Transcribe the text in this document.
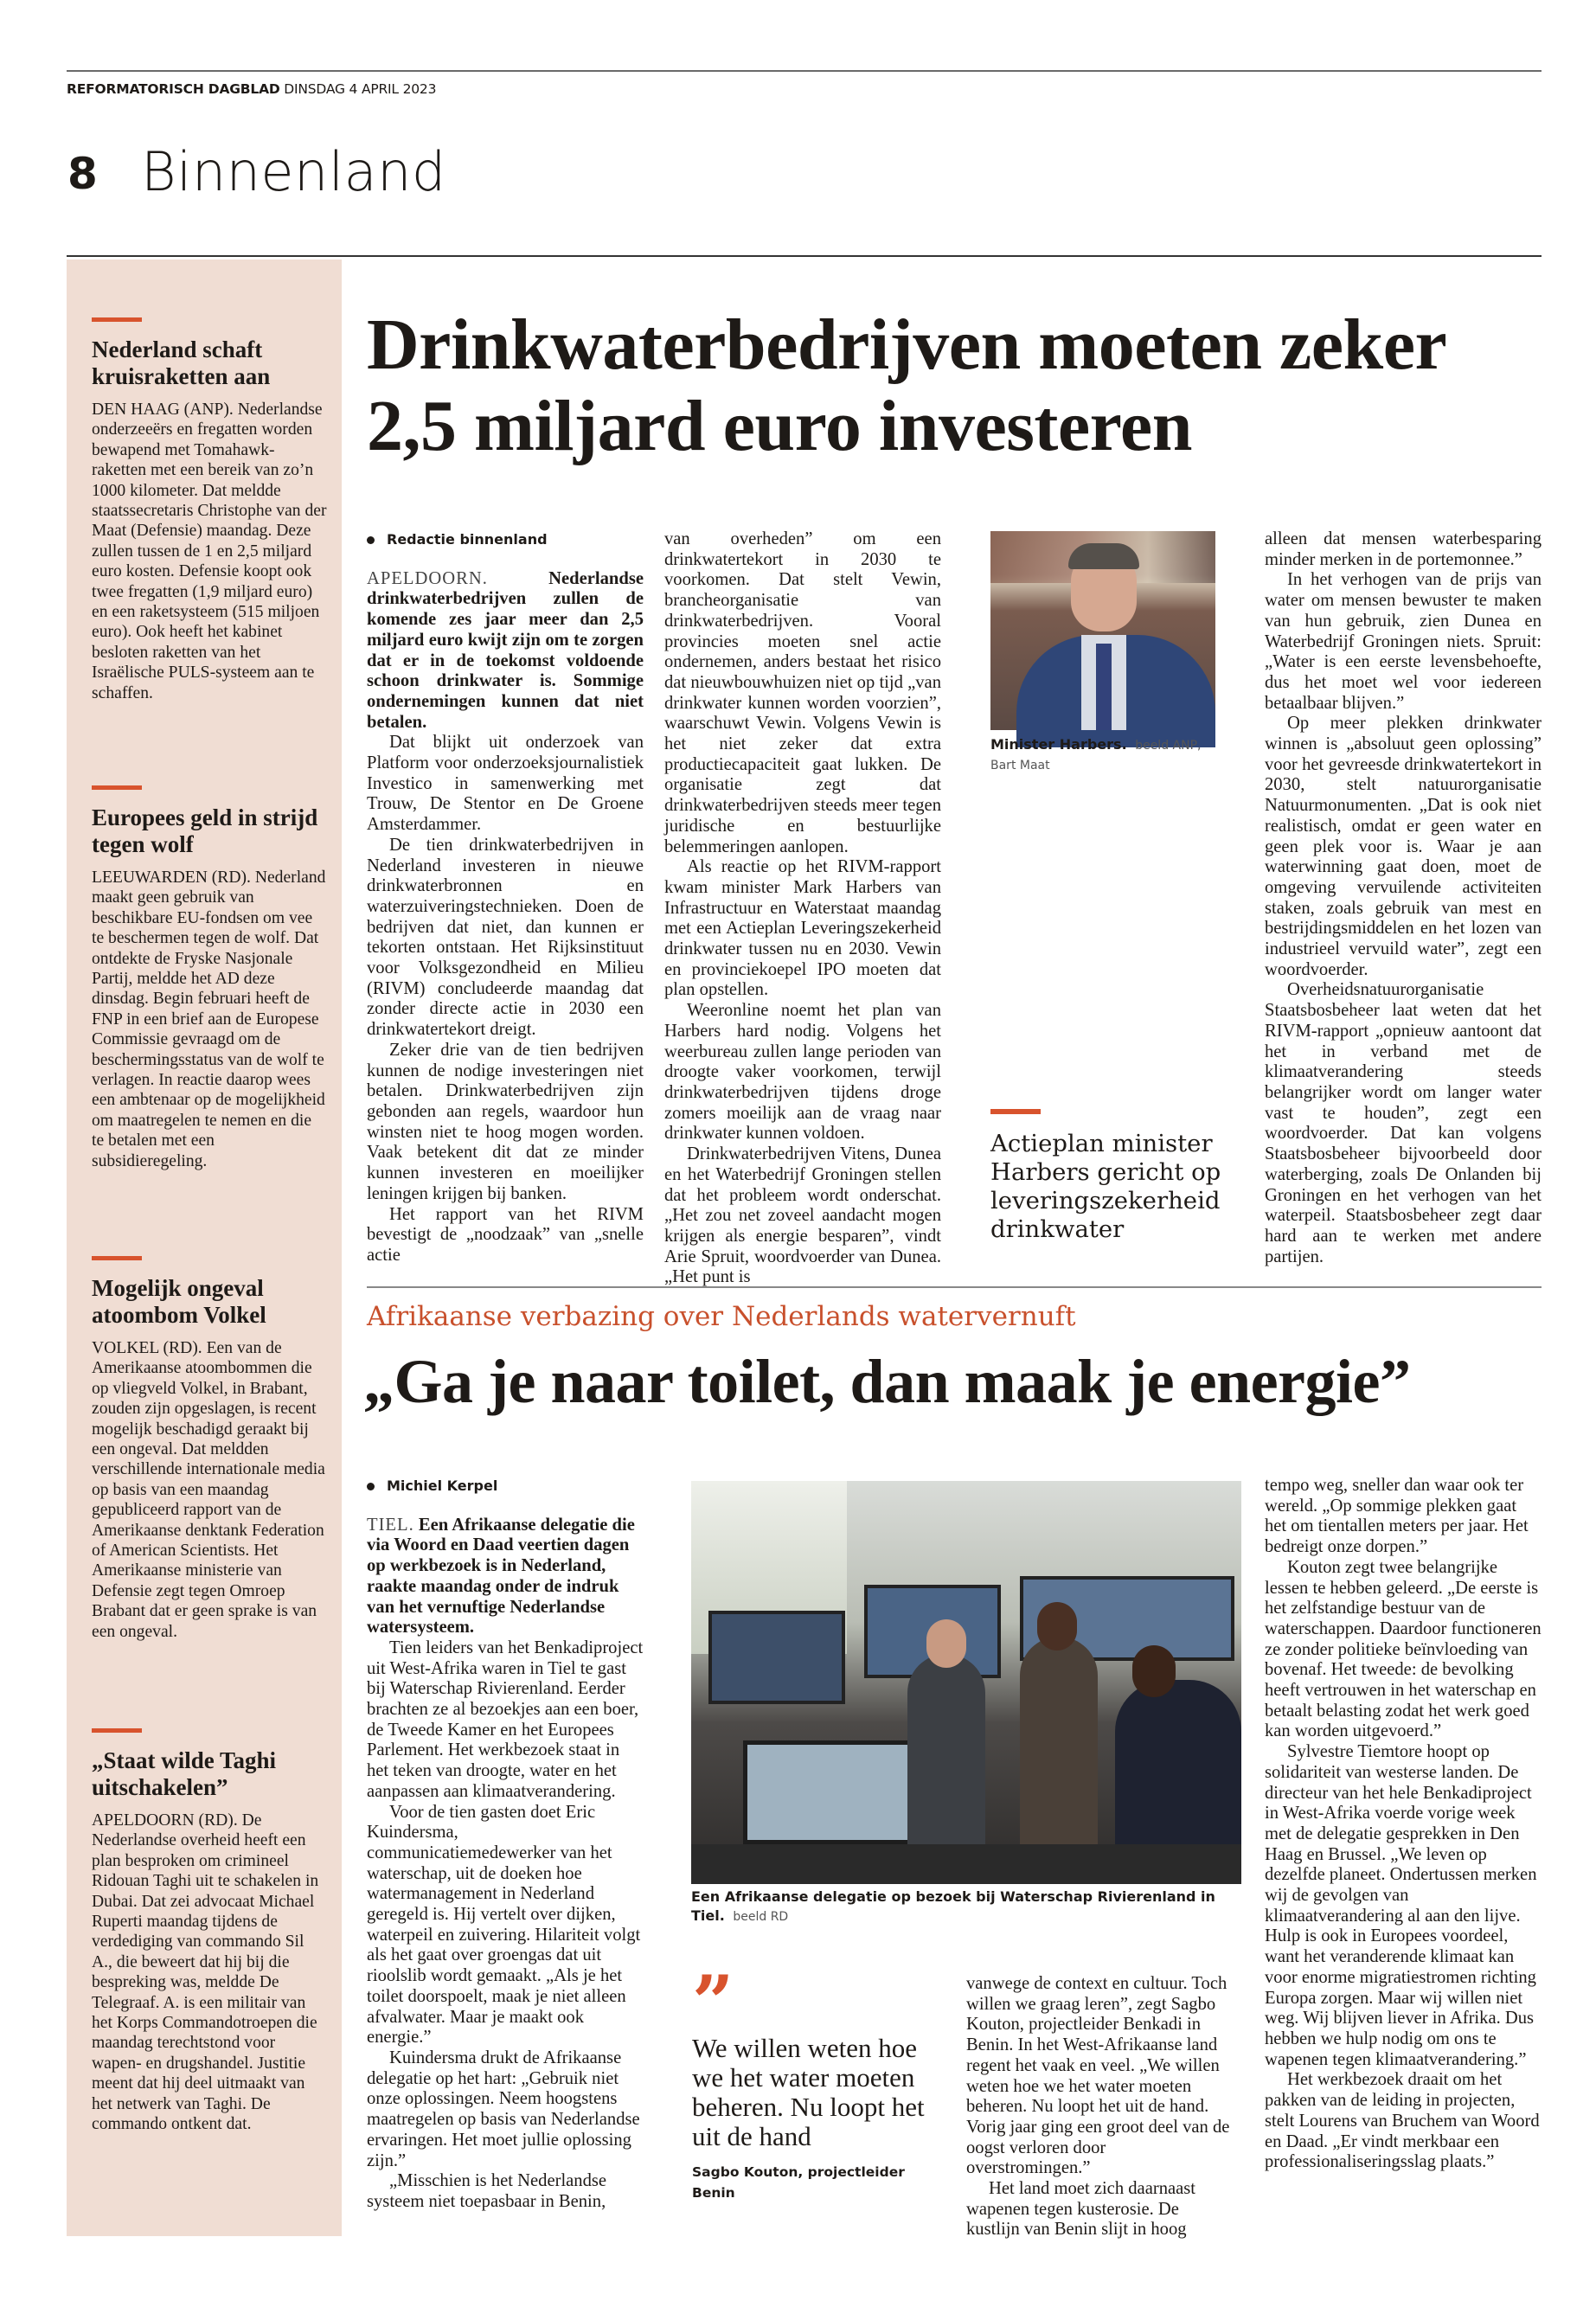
REFORMATORISCH DAGBLAD DINSDAG 4 APRIL 2023
8 Binnenland
Nederland schaft kruisraketten aan
DEN HAAG (ANP). Nederlandse onderzeeërs en fregatten worden bewapend met Tomahawk-raketten met een bereik van zo’n 1000 kilometer. Dat meldde staatssecretaris Christophe van der Maat (Defensie) maandag. Deze zullen tussen de 1 en 2,5 miljard euro kosten. Defensie koopt ook twee fregatten (1,9 miljard euro) en een raketsysteem (515 miljoen euro). Ook heeft het kabinet besloten raketten van het Israëlische PULS-systeem aan te schaffen.
Europees geld in strijd tegen wolf
LEEUWARDEN (RD). Nederland maakt geen gebruik van beschikbare EU-fondsen om vee te beschermen tegen de wolf. Dat ontdekte de Fryske Nasjonale Partij, meldde het AD deze dinsdag. Begin februari heeft de FNP in een brief aan de Europese Commissie gevraagd om de beschermingsstatus van de wolf te verlagen. In reactie daarop wees een ambtenaar op de mogelijkheid om maatregelen te nemen en die te betalen met een subsidieregeling.
Mogelijk ongeval atoombom Volkel
VOLKEL (RD). Een van de Amerikaanse atoombommen die op vliegveld Volkel, in Brabant, zouden zijn opgeslagen, is recent mogelijk beschadigd geraakt bij een ongeval. Dat meldden verschillende internationale media op basis van een maandag gepubliceerd rapport van de Amerikaanse denktank Federation of American Scientists. Het Amerikaanse ministerie van Defensie zegt tegen Omroep Brabant dat er geen sprake is van een ongeval.
„Staat wilde Taghi uitschakelen”
APELDOORN (RD). De Nederlandse overheid heeft een plan besproken om crimineel Ridouan Taghi uit te schakelen in Dubai. Dat zei advocaat Michael Ruperti maandag tijdens de verdediging van commando Sil A., die beweert dat hij bij die bespreking was, meldde De Telegraaf. A. is een militair van het Korps Commandotroepen die maandag terechtstond voor wapen- en drugshandel. Justitie meent dat hij deel uitmaakt van het netwerk van Taghi. De commando ontkent dat.
Drinkwaterbedrijven moeten zeker 2,5 miljard euro investeren
Redactie binnenland

APELDOORN.	Nederlandse drinkwaterbedrijven zullen de komende zes jaar meer dan 2,5 miljard euro kwijt zijn om te zorgen dat er in de toekomst voldoende schoon drinkwater is. Sommige ondernemingen kunnen dat niet betalen.

Dat blijkt uit onderzoek van Platform voor onderzoeksjournalistiek Investico in samenwerking met Trouw, De Stentor en De Groene Amsterdammer.

De tien drinkwaterbedrijven in Nederland investeren in nieuwe drinkwaterbronnen en waterzuiveringstechnieken. Doen de bedrijven dat niet, dan kunnen er tekorten ontstaan. Het Rijksinstituut voor Volksgezondheid en Milieu (RIVM) concludeerde maandag dat zonder directe actie in 2030 een drinkwatertekort dreigt.

Zeker drie van de tien bedrijven kunnen de nodige investeringen niet betalen. Drinkwaterbedrijven zijn gebonden aan regels, waardoor hun winsten niet te hoog mogen worden. Vaak betekent dit dat ze minder kunnen investeren en moeilijker leningen krijgen bij banken.

Het rapport van het RIVM bevestigt de „noodzaak” van „snelle actie

van overheden” om een drinkwatertekort in 2030 te voorkomen. Dat stelt Vewin, brancheorganisatie van drinkwaterbedrijven. Vooral provincies moeten snel actie ondernemen, anders bestaat het risico dat nieuwbouwhuizen niet op tijd „van drinkwater kunnen worden voorzien”, waarschuwt Vewin. Volgens Vewin is het niet zeker dat extra productiecapaciteit gaat lukken. De organisatie zegt dat drinkwaterbedrijven steeds meer tegen juridische en bestuurlijke belemmeringen aanlopen.

Als reactie op het RIVM-rapport kwam minister Mark Harbers van Infrastructuur en Waterstaat maandag met een Actieplan Leveringszekerheid drinkwater tussen nu en 2030. Vewin en provinciekoepel IPO moeten dat plan opstellen.

Weeronline noemt het plan van Harbers hard nodig. Volgens het weerbureau zullen lange perioden van droogte vaker voorkomen, terwijl drinkwaterbedrijven tijdens droge zomers moeilijk aan de vraag naar drinkwater kunnen voldoen.

Drinkwaterbedrijven Vitens, Dunea en het Waterbedrijf Groningen stellen dat het probleem wordt onderschat. „Het zou net zoveel aandacht mogen krijgen als energie besparen”, vindt Arie Spruit, woordvoerder van Dunea. „Het punt is

Minister Harbers. beeld ANP, Bart Maat
Actieplan minister Harbers gericht op leveringszekerheid drinkwater

alleen dat mensen waterbesparing minder merken in de portemonnee.”

In het verhogen van de prijs van water om mensen bewuster te maken van hun gebruik, zien Dunea en Waterbedrijf Groningen niets. Spruit: „Water is een eerste levensbehoefte, dus het moet wel voor iedereen betaalbaar blijven.”

Op meer plekken drinkwater winnen is „absoluut geen oplossing” voor het gevreesde drinkwatertekort in 2030, stelt natuurorganisatie Natuurmonumenten. „Dat is ook niet realistisch, omdat er geen water en geen plek voor is. Waar je aan waterwinning gaat doen, moet de omgeving vervuilende activiteiten staken, zoals gebruik van mest en bestrijdingsmiddelen en het lozen van industrieel vervuild water”, zegt een woordvoerder.

Overheidsnatuurorganisatie Staatsbosbeheer laat weten dat het RIVM-rapport „opnieuw aantoont dat het in verband met de klimaatverandering steeds belangrijker wordt om langer water vast te houden”, zegt een woordvoerder. Dat kan volgens Staatsbosbeheer bijvoorbeeld door waterberging, zoals De Onlanden bij Groningen en het verhogen van het waterpeil. Staatsbosbeheer zegt daar hard aan te werken met andere partijen.

Afrikaanse verbazing over Nederlands watervernuft
„Ga je naar toilet, dan maak je energie”
Michiel Kerpel

TIEL. Een Afrikaanse delegatie die via Woord en Daad veertien dagen op werkbezoek is in Nederland, raakte maandag onder de indruk van het vernuftige Nederlandse watersysteem.

Tien leiders van het Benkadiproject uit West-Afrika waren in Tiel te gast bij Waterschap Rivierenland. Eerder brachten ze al bezoekjes aan een boer, de Tweede Kamer en het Europees Parlement. Het werkbezoek staat in het teken van droogte, water en het aanpassen aan klimaatverandering.

Voor de tien gasten doet Eric Kuindersma, communicatiemedewerker van het waterschap, uit de doeken hoe watermanagement in Nederland geregeld is. Hij vertelt over dijken, waterpeil en zuivering. Hilariteit volgt als het gaat over groengas dat uit rioolslib wordt gemaakt. „Als je het toilet doorspoelt, maak je niet alleen afvalwater. Maar je maakt ook energie.”

Kuindersma drukt de Afrikaanse delegatie op het hart: „Gebruik niet onze oplossingen. Neem hoogstens maatregelen op basis van Nederlandse ervaringen. Het moet jullie oplossing zijn.”

„Misschien is het Nederlandse systeem niet toepasbaar in Benin,

Een Afrikaanse delegatie op bezoek bij Waterschap Rivierenland in Tiel. beeld RD
”
We willen weten hoe we het water moeten beheren. Nu loopt het uit de hand
Sagbo Kouton, projectleider Benin

vanwege de context en cultuur. Toch willen we graag leren”, zegt Sagbo Kouton, projectleider Benkadi in Benin. In het West-Afrikaanse land regent het vaak en veel. „We willen weten hoe we het water moeten beheren. Nu loopt het uit de hand. Vorig jaar ging een groot deel van de oogst verloren door overstromingen.”

Het land moet zich daarnaast wapenen tegen kusterosie. De kustlijn van Benin slijt in hoog

tempo weg, sneller dan waar ook ter wereld. „Op sommige plekken gaat het om tientallen meters per jaar. Het bedreigt onze dorpen.”

Kouton zegt twee belangrijke lessen te hebben geleerd. „De eerste is het zelfstandige bestuur van de waterschappen. Daardoor functioneren ze zonder politieke beïnvloeding van bovenaf. Het tweede: de bevolking heeft vertrouwen in het waterschap en betaalt belasting zodat het werk goed kan worden uitgevoerd.”

Sylvestre Tiemtore hoopt op solidariteit van westerse landen. De directeur van het hele Benkadiproject in West-Afrika voerde vorige week met de delegatie gesprekken in Den Haag en Brussel. „We leven op dezelfde planeet. Ondertussen merken wij de gevolgen van klimaatverandering al aan den lijve. Hulp is ook in Europees voordeel, want het veranderende klimaat kan voor enorme migratiestromen richting Europa zorgen. Maar wij willen niet weg. Wij blijven liever in Afrika. Dus hebben we hulp nodig om ons te wapenen tegen klimaatverandering.”

Het werkbezoek draait om het pakken van de leiding in projecten, stelt Lourens van Bruchem van Woord en Daad. „Er vindt merkbaar een professionaliseringsslag plaats.”
